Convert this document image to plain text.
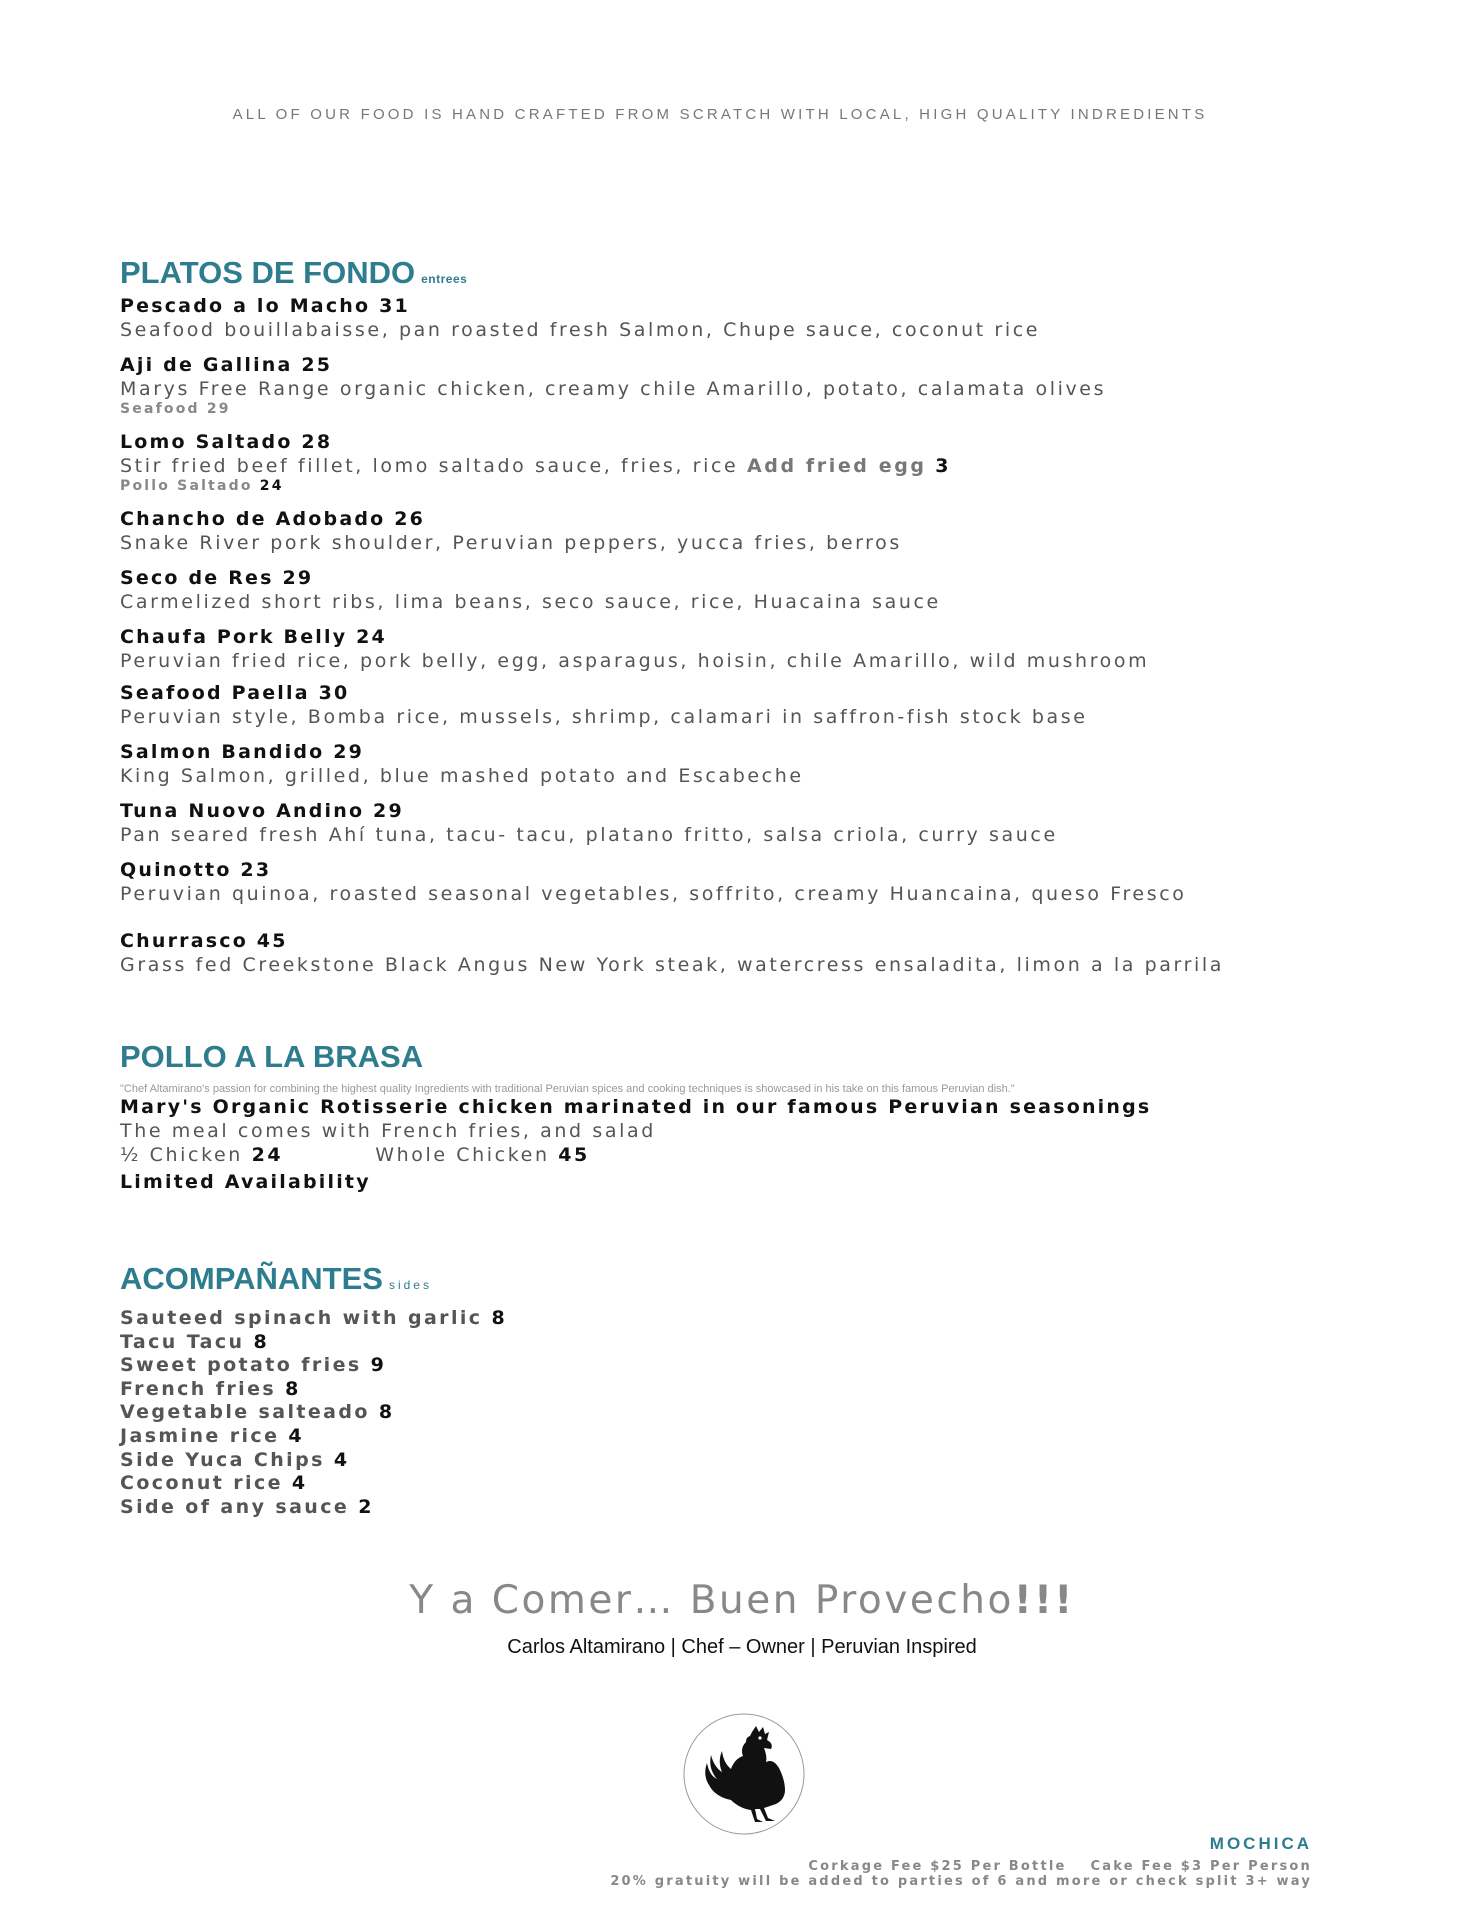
ALL OF OUR FOOD IS HAND CRAFTED FROM SCRATCH WITH LOCAL, HIGH QUALITY INDREDIENTS
PLATOS DE FONDO entrees
Pescado a lo Macho 31
Seafood bouillabaisse, pan roasted fresh Salmon, Chupe sauce, coconut rice
Aji de Gallina 25
Marys Free Range organic chicken, creamy chile Amarillo, potato, calamata olives
Seafood 29
Lomo Saltado 28
Stir fried beef fillet, lomo saltado sauce, fries, rice Add fried egg 3
Pollo Saltado 24
Chancho de Adobado 26
Snake River pork shoulder, Peruvian peppers, yucca fries, berros
Seco de Res 29
Carmelized short ribs, lima beans, seco sauce, rice, Huacaina sauce
Chaufa Pork Belly 24
Peruvian fried rice, pork belly, egg, asparagus, hoisin, chile Amarillo, wild mushroom
Seafood Paella 30
Peruvian style, Bomba rice, mussels, shrimp, calamari in saffron-fish stock base
Salmon Bandido 29
King Salmon, grilled, blue mashed potato and Escabeche
Tuna Nuovo Andino 29
Pan seared fresh Ahí tuna, tacu- tacu, platano fritto, salsa criola, curry sauce
Quinotto 23
Peruvian quinoa, roasted seasonal vegetables, soffrito, creamy Huancaina, queso Fresco
Churrasco 45
Grass fed Creekstone Black Angus New York steak, watercress ensaladita, limon a la parrila
POLLO A LA BRASA
"Chef Altamirano's passion for combining the highest quality Ingredients with traditional Peruvian spices and cooking techniques is showcased in his take on this famous Peruvian dish."
Mary's Organic Rotisserie chicken marinated in our famous Peruvian seasonings
The meal comes with French fries, and salad
½ Chicken 24	Whole Chicken 45
Limited Availability
ACOMPAÑANTES sides
Sauteed spinach with garlic 8
Tacu Tacu 8
Sweet potato fries 9
French fries 8
Vegetable salteado 8
Jasmine rice 4
Side Yuca Chips 4
Coconut rice 4
Side of any sauce 2
Y a Comer… Buen Provecho!!!
Carlos Altamirano | Chef – Owner | Peruvian Inspired
MOCHICA
Corkage Fee $25 Per Bottle Cake Fee $3 Per Person
20% gratuity will be added to parties of 6 and more or check split 3+ way
